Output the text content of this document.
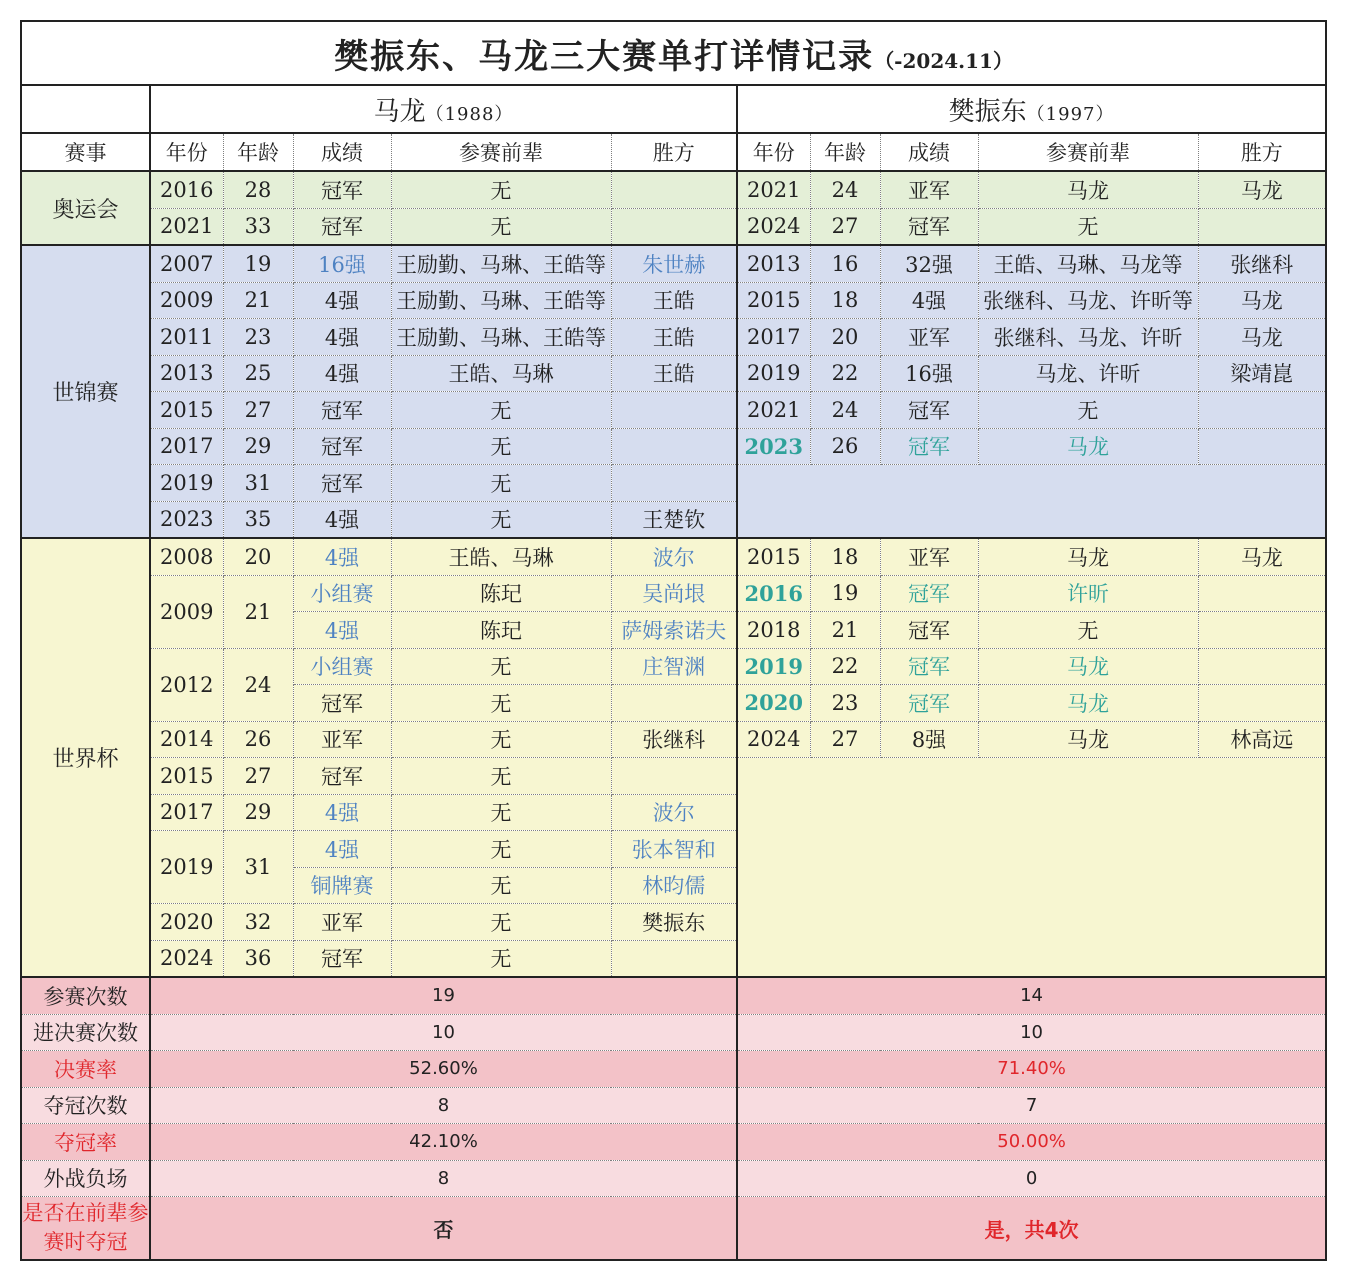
樊振东、马龙三大赛单打详情记录（-2024.11）										
	马龙（1988）					樊振东（1997）				
赛事	年份	年龄	成绩	参赛前辈	胜方	年份	年龄	成绩	参赛前辈	胜方
奥运会	2016	28	冠军	无		2021	24	亚军	马龙	马龙
	2021	33	冠军	无		2024	27	冠军	无	
世锦赛	2007	19	16强	王励勤、马琳、王皓等	朱世赫	2013	16	32强	王皓、马琳、马龙等	张继科
	2009	21	4强	王励勤、马琳、王皓等	王皓	2015	18	4强	张继科、马龙、许昕等	马龙
	2011	23	4强	王励勤、马琳、王皓等	王皓	2017	20	亚军	张继科、马龙、许昕	马龙
	2013	25	4强	王皓、马琳	王皓	2019	22	16强	马龙、许昕	梁靖崑
	2015	27	冠军	无		2021	24	冠军	无	
	2017	29	冠军	无		2023	26	冠军	马龙	
	2019	31	冠军	无						
	2023	35	4强	无	王楚钦					
世界杯	2008	20	4强	王皓、马琳	波尔	2015	18	亚军	马龙	马龙
	2009	21	小组赛	陈玘	吴尚垠	2016	19	冠军	许昕	
			4强	陈玘	萨姆索诺夫	2018	21	冠军	无	
	2012	24	小组赛	无	庄智渊	2019	22	冠军	马龙	
			冠军	无		2020	23	冠军	马龙	
	2014	26	亚军	无	张继科	2024	27	8强	马龙	林高远
	2015	27	冠军	无						
	2017	29	4强	无	波尔					
	2019	31	4强	无	张本智和					
			铜牌赛	无	林昀儒					
	2020	32	亚军	无	樊振东					
	2024	36	冠军	无						
参赛次数	19					14				
进决赛次数	10					10				
决赛率	52.60%					71.40%				
夺冠次数	8					7				
夺冠率	42.10%					50.00%				
外战负场	8					0				
是否在前辈参赛时夺冠	否					是，共4次				
